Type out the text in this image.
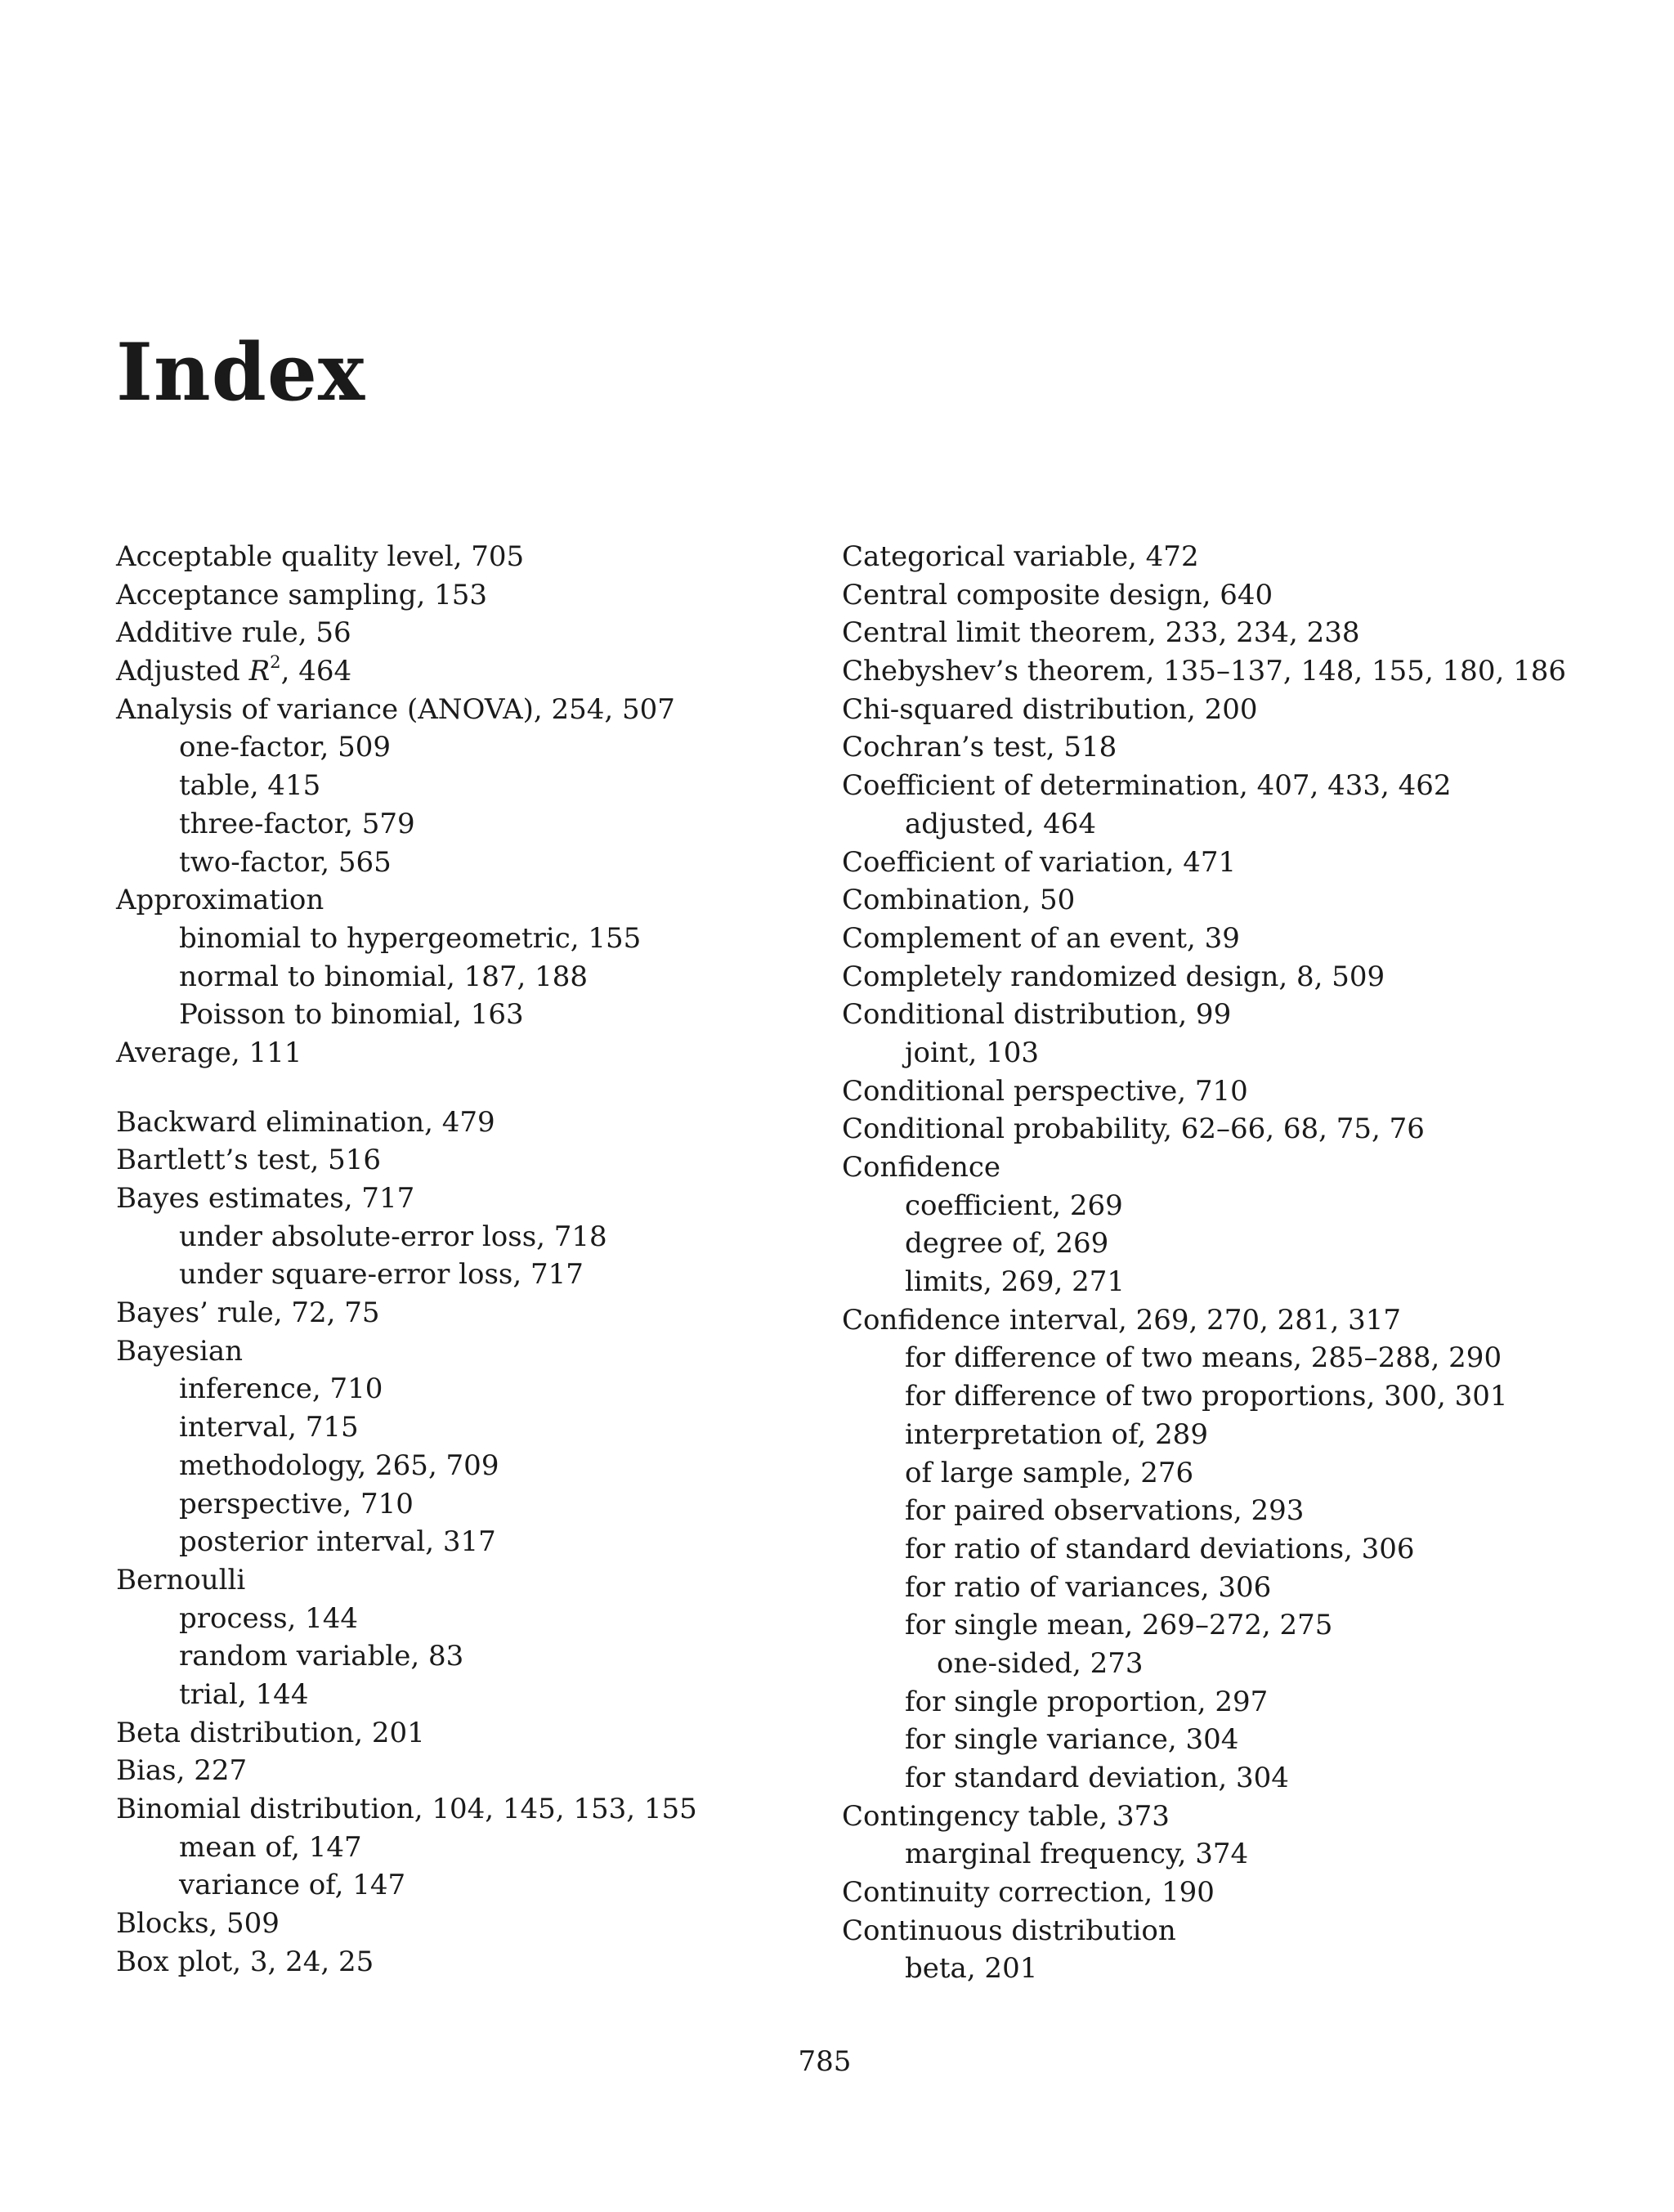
Index
Acceptable quality level, 705
Acceptance sampling, 153
Additive rule, 56
Adjusted $R^2$, 464
Analysis of variance (ANOVA), 254, 507
one-factor, 509
table, 415
three-factor, 579
two-factor, 565
Approximation
binomial to hypergeometric, 155
normal to binomial, 187, 188
Poisson to binomial, 163
Average, 111
Backward elimination, 479
Bartlett’s test, 516
Bayes estimates, 717
under absolute-error loss, 718
under square-error loss, 717
Bayes’ rule, 72, 75
Bayesian
inference, 710
interval, 715
methodology, 265, 709
perspective, 710
posterior interval, 317
Bernoulli
process, 144
random variable, 83
trial, 144
Beta distribution, 201
Bias, 227
Binomial distribution, 104, 145, 153, 155
mean of, 147
variance of, 147
Blocks, 509
Box plot, 3, 24, 25
Categorical variable, 472
Central composite design, 640
Central limit theorem, 233, 234, 238
Chebyshev’s theorem, 135–137, 148, 155, 180, 186
Chi-squared distribution, 200
Cochran’s test, 518
Coefficient of determination, 407, 433, 462
adjusted, 464
Coefficient of variation, 471
Combination, 50
Complement of an event, 39
Completely randomized design, 8, 509
Conditional distribution, 99
joint, 103
Conditional perspective, 710
Conditional probability, 62–66, 68, 75, 76
Confidence
coefficient, 269
degree of, 269
limits, 269, 271
Confidence interval, 269, 270, 281, 317
for difference of two means, 285–288, 290
for difference of two proportions, 300, 301
interpretation of, 289
of large sample, 276
for paired observations, 293
for ratio of standard deviations, 306
for ratio of variances, 306
for single mean, 269–272, 275
one-sided, 273
for single proportion, 297
for single variance, 304
for standard deviation, 304
Contingency table, 373
marginal frequency, 374
Continuity correction, 190
Continuous distribution
beta, 201
785
